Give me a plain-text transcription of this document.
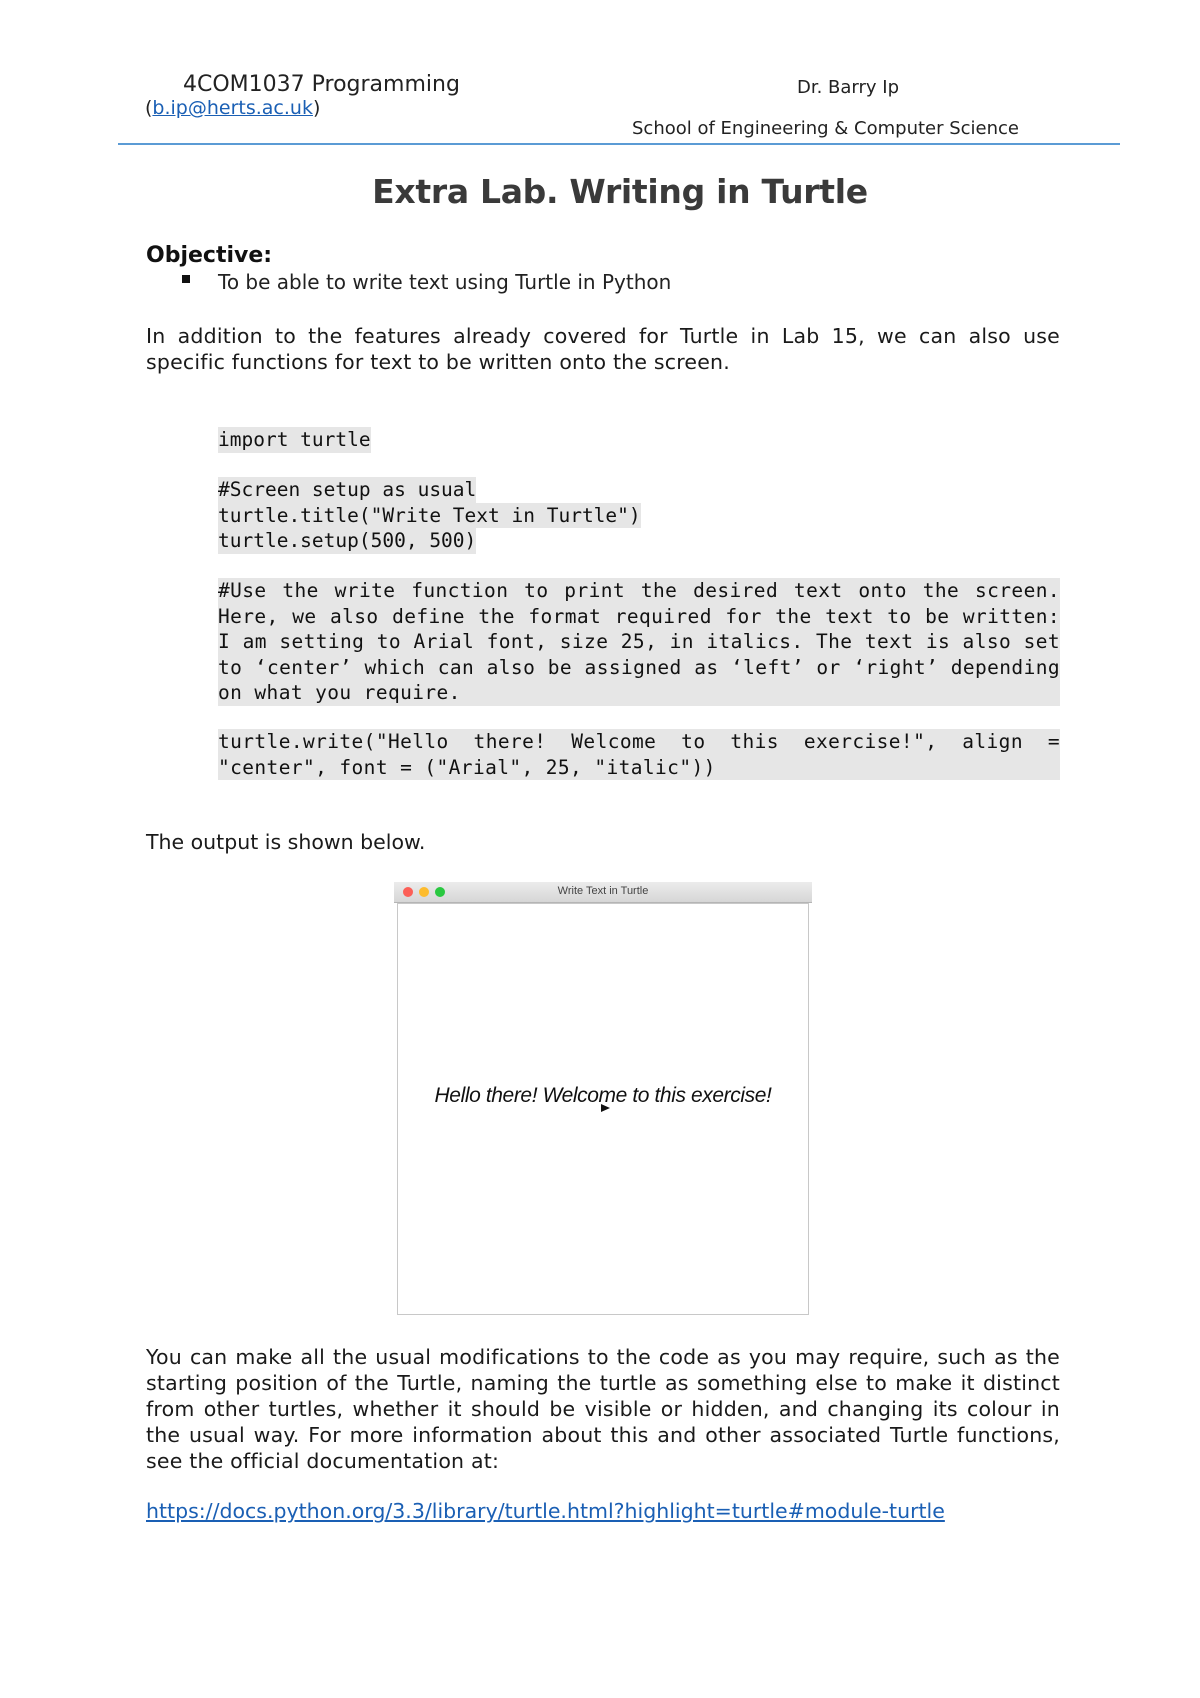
4COM1037 Programming
(b.ip@herts.ac.uk)
Dr. Barry Ip
School of Engineering & Computer Science
Extra Lab. Writing in Turtle
Objective:
To be able to write text using Turtle in Python
In addition to the features already covered for Turtle in Lab 15, we can also use specific functions for text to be written onto the screen.
import turtle
#Screen setup as usual
turtle.title("Write Text in Turtle")
turtle.setup(500, 500)
#Use the write function to print the desired text onto the screen. Here, we also define the format required for the text to be written: I am setting to Arial font, size 25, in italics. The text is also set to ‘center’ which can also be assigned as ‘left’ or ‘right’ depending on what you require.
turtle.write("Hello there! Welcome to this exercise!", align = "center", font = ("Arial", 25, "italic"))
The output is shown below.
Write Text in Turtle
Hello there! Welcome to this exercise!
You can make all the usual modifications to the code as you may require, such as the starting position of the Turtle, naming the turtle as something else to make it distinct from other turtles, whether it should be visible or hidden, and changing its colour in the usual way. For more information about this and other associated Turtle functions, see the official documentation at:
https://docs.python.org/3.3/library/turtle.html?highlight=turtle#module-turtle
